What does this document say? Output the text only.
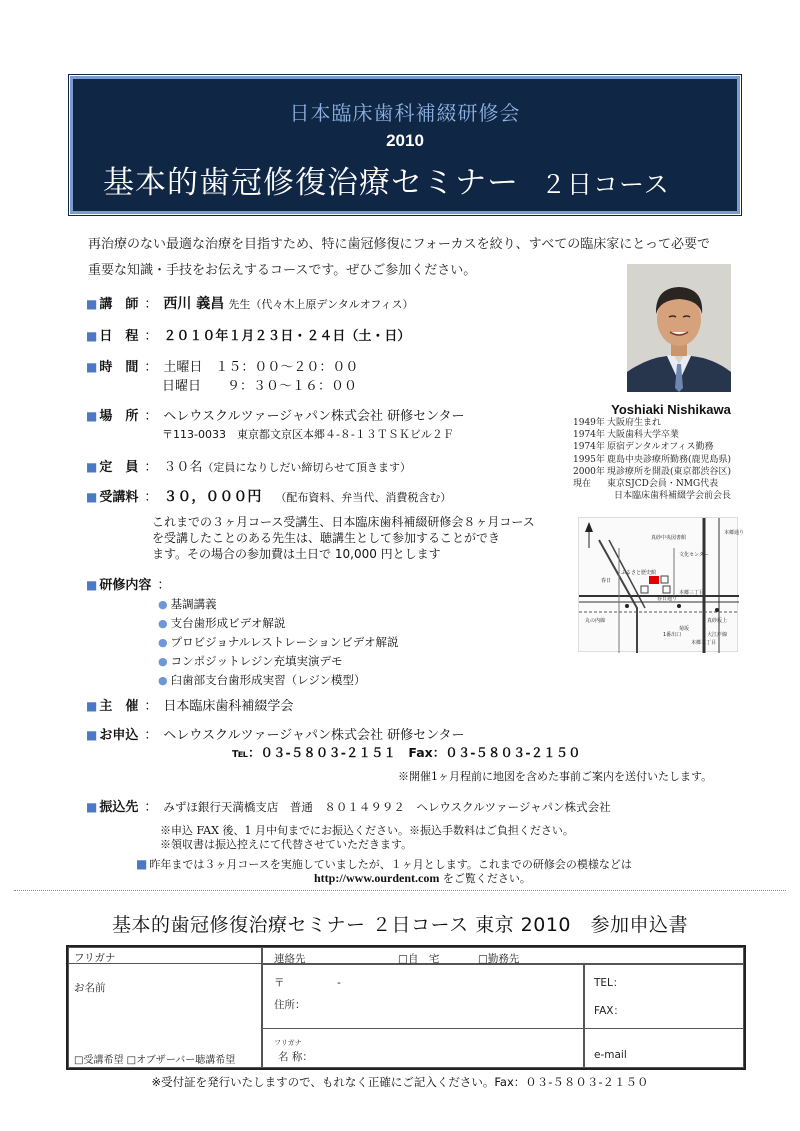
日本臨床歯科補綴研修会
2010
基本的歯冠修復治療セミナー ２日コース
再治療のない最適な治療を目指すため、特に歯冠修復にフォーカスを絞り、すべての臨床家にとって必要で
重要な知識・手技をお伝えするコースです。ぜひご参加ください。
■ 講　師 ： 西川 義昌 先生（代々木上原デンタルオフィス）
■ 日　程 ： ２０１０年１月２３日・２４日（土・日）
■ 時　間 ： 土曜日　１５：００〜２０：００
日曜日　　９：３０〜１６：００
■ 場　所 ： ヘレウスクルツァージャパン株式会社 研修センター
〒113-0033　東京都文京区本郷４-８-１３ＴＳＫビル２Ｆ
■ 定　員 ： ３０名（定員になりしだい締切らせて頂きます）
■ 受講料 ： ３０，０００円 （配布資料、弁当代、消費税含む）
これまでの３ヶ月コース受講生、日本臨床歯科補綴研修会８ヶ月コース
を受講したことのある先生は、聴講生として参加することができ
ます。その場合の参加費は土日で 10,000 円とします
■ 研修内容 ：
● 基調講義
● 支台歯形成ビデオ解説
● プロビジョナルレストレーションビデオ解説
● コンポジットレジン充填実演デモ
● 臼歯部支台歯形成実習（レジン模型）
■ 主　催 ： 日本臨床歯科補綴学会
■ お申込 ： ヘレウスクルツァージャパン株式会社 研修センター
℡：０３-５８０３-２１５１　Fax：０３-５８０３-２１５０
※開催1ヶ月程前に地図を含めた事前ご案内を送付いたします。
■ 振込先 ： みずほ銀行天満橋支店　普通　８０１４９９２　ヘレウスクルツァージャパン株式会社
※申込 FAX 後、1 月中旬までにお振込ください。※振込手数料はご負担ください。
※領収書は振込控えにて代替させていただきます。
■ 昨年までは３ヶ月コースを実施していましたが、１ヶ月とします。これまでの研修会の模様などは
http://www.ourdent.com をご覧ください。
Yoshiaki Nishikawa
1949年 大阪府生まれ
1974年 大阪歯科大学卒業
1974年 原宿デンタルオフィス勤務
1995年 鹿島中央診療所勤務(鹿児島県)
2000年 現診療所を開設(東京都渋谷区)
現在 東京SJCD会員・NMG代表
日本臨床歯科補綴学会前会長
真砂中央図書館
本郷通り
文化センター
ふるさと歴史館
春日
春日通り
本郷三丁目
真砂坂上
丸の内線
1番出口	大江戸線
本郷三丁目
菊坂
基本的歯冠修復治療セミナー ２日コース 東京 2010　参加申込書
フリガナ
お名前
□受講希望 □オブザーバー聴講希望
連絡先	□自　宅	□勤務先
〒　　　　　-
住所：
フリガナ
名 称：
TEL：
FAX：
e-mail
※受付証を発行いたしますので、もれなく正確にご記入ください。Fax：０３-５８０３-２１５０
